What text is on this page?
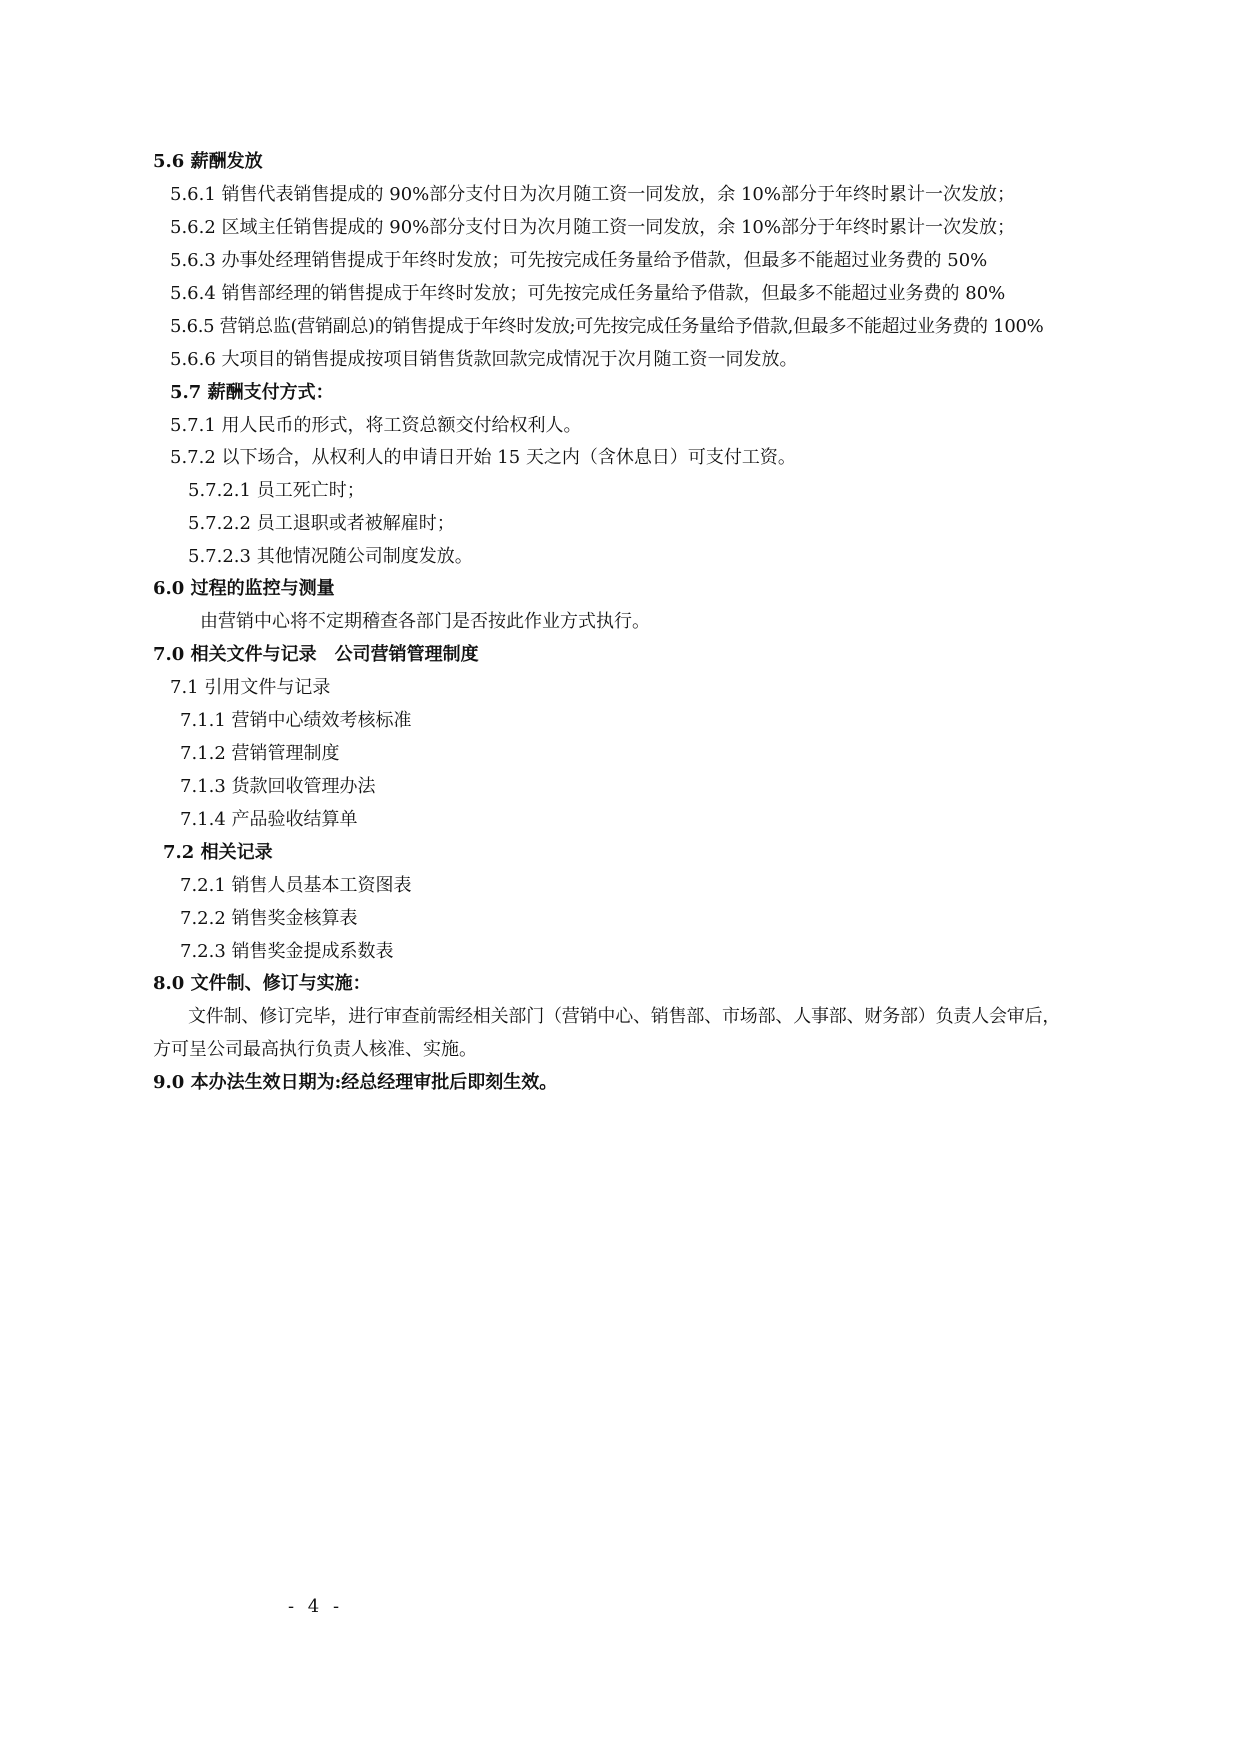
5.6 薪酬发放
5.6.1 销售代表销售提成的 90%部分支付日为次月随工资一同发放，余 10%部分于年终时累计一次发放；
5.6.2 区域主任销售提成的 90%部分支付日为次月随工资一同发放，余 10%部分于年终时累计一次发放；
5.6.3 办事处经理销售提成于年终时发放；可先按完成任务量给予借款，但最多不能超过业务费的 50%
5.6.4 销售部经理的销售提成于年终时发放；可先按完成任务量给予借款，但最多不能超过业务费的 80%
5.6.5 营销总监(营销副总)的销售提成于年终时发放;可先按完成任务量给予借款,但最多不能超过业务费的 100%
5.6.6 大项目的销售提成按项目销售货款回款完成情况于次月随工资一同发放。
5.7 薪酬支付方式：
5.7.1 用人民币的形式，将工资总额交付给权利人。
5.7.2 以下场合，从权利人的申请日开始 15 天之内（含休息日）可支付工资。
5.7.2.1 员工死亡时；
5.7.2.2 员工退职或者被解雇时；
5.7.2.3 其他情况随公司制度发放。
6.0 过程的监控与测量
由营销中心将不定期稽查各部门是否按此作业方式执行。
7.0 相关文件与记录　公司营销管理制度
7.1 引用文件与记录
7.1.1 营销中心绩效考核标准
7.1.2 营销管理制度
7.1.3 货款回收管理办法
7.1.4 产品验收结算单
7.2 相关记录
7.2.1 销售人员基本工资图表
7.2.2 销售奖金核算表
7.2.3 销售奖金提成系数表
8.0 文件制、修订与实施：
文件制、修订完毕，进行审查前需经相关部门（营销中心、销售部、市场部、人事部、财务部）负责人会审后，
方可呈公司最高执行负责人核准、实施。
9.0 本办法生效日期为:经总经理审批后即刻生效。
- 4 -
